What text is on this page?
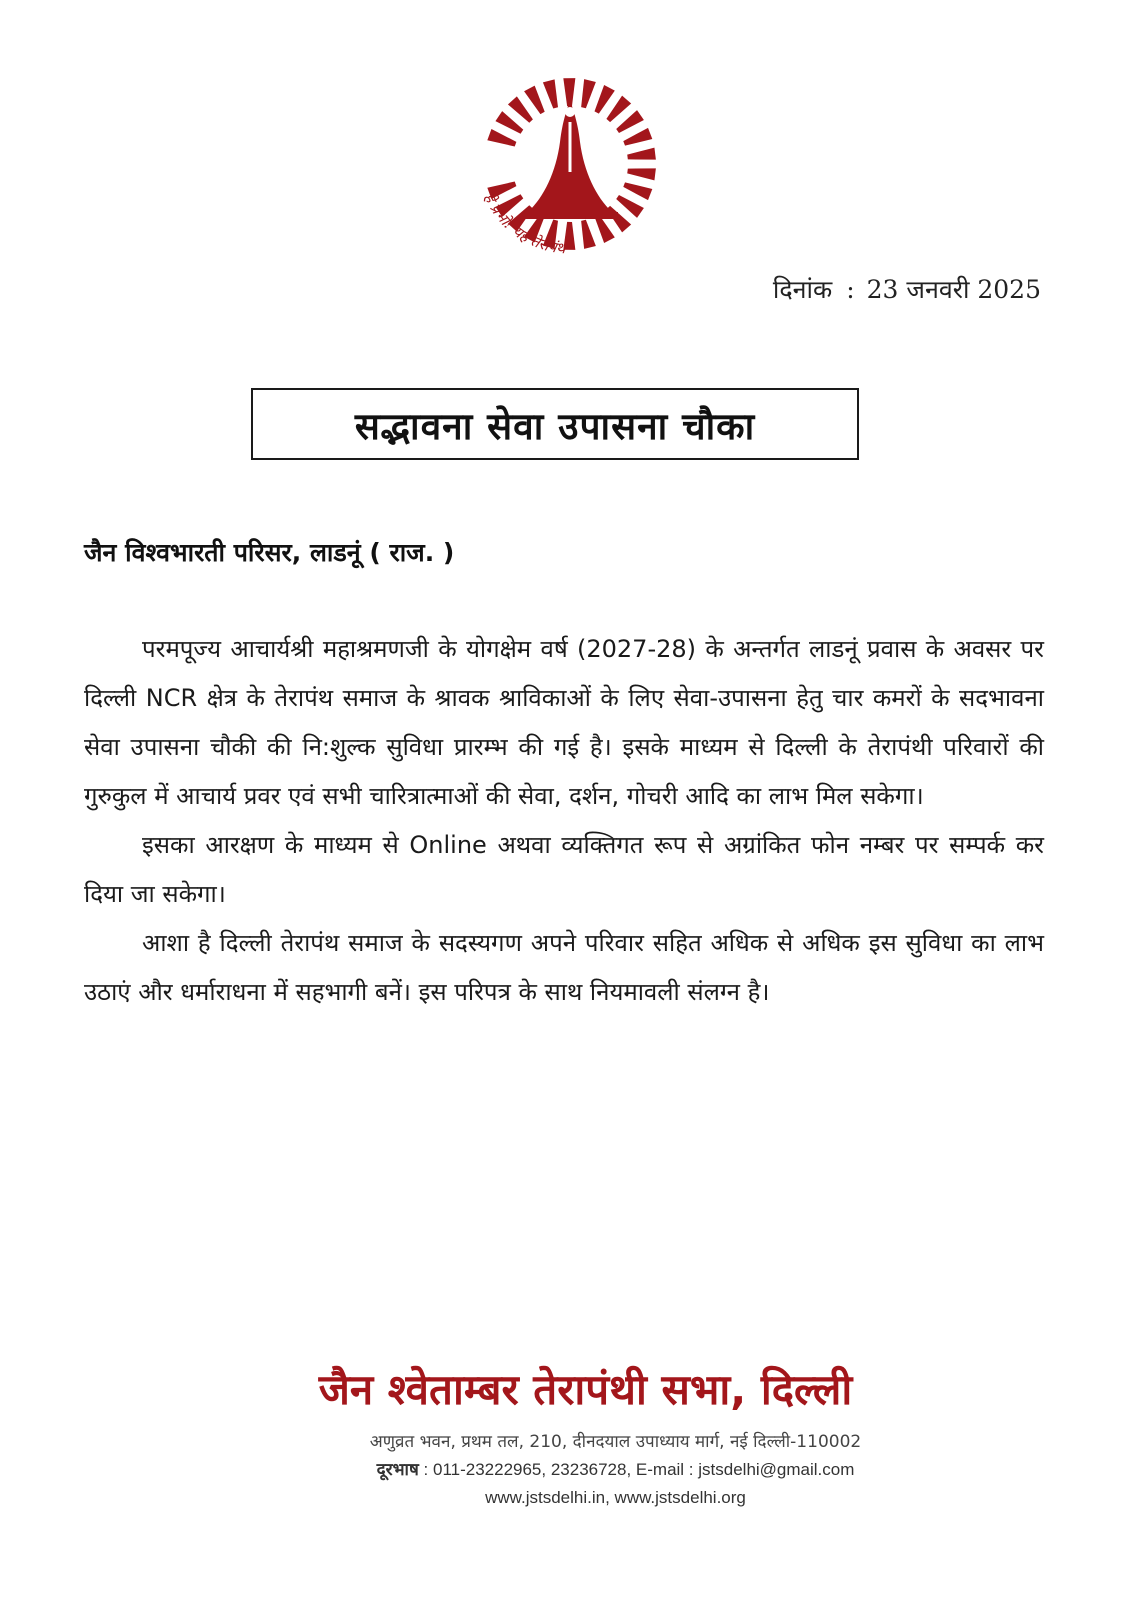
हे प्रभो! यह तेरापंथ
दिनांक : 23 जनवरी 2025
सद्भावना सेवा उपासना चौका
जैन विश्वभारती परिसर, लाडनूं ( राज. )

परमपूज्य आचार्यश्री महाश्रमणजी के योगक्षेम वर्ष (2027-28) के अन्तर्गत लाडनूं प्रवास के अवसर पर दिल्ली NCR क्षेत्र के तेरापंथ समाज के श्रावक श्राविकाओं के लिए सेवा-उपासना हेतु चार कमरों के सदभावना सेवा उपासना चौकी की नि:शुल्क सुविधा प्रारम्भ की गई है। इसके माध्यम से दिल्ली के तेरापंथी परिवारों की गुरुकुल में आचार्य प्रवर एवं सभी चारित्रात्माओं की सेवा, दर्शन, गोचरी आदि का लाभ मिल सकेगा।

इसका आरक्षण के माध्यम से Online अथवा व्यक्तिगत रूप से अग्रांकित फोन नम्बर पर सम्पर्क कर दिया जा सकेगा।

आशा है दिल्ली तेरापंथ समाज के सदस्यगण अपने परिवार सहित अधिक से अधिक इस सुविधा का लाभ उठाएं और धर्माराधना में सहभागी बनें। इस परिपत्र के साथ नियमावली संलग्न है।

जैन श्वेताम्बर तेरापंथी सभा, दिल्ली
अणुव्रत भवन, प्रथम तल, 210, दीनदयाल उपाध्याय मार्ग, नई दिल्ली-110002
दूरभाष : 011-23222965, 23236728, E-mail : jstsdelhi@gmail.com
www.jstsdelhi.in, www.jstsdelhi.org
